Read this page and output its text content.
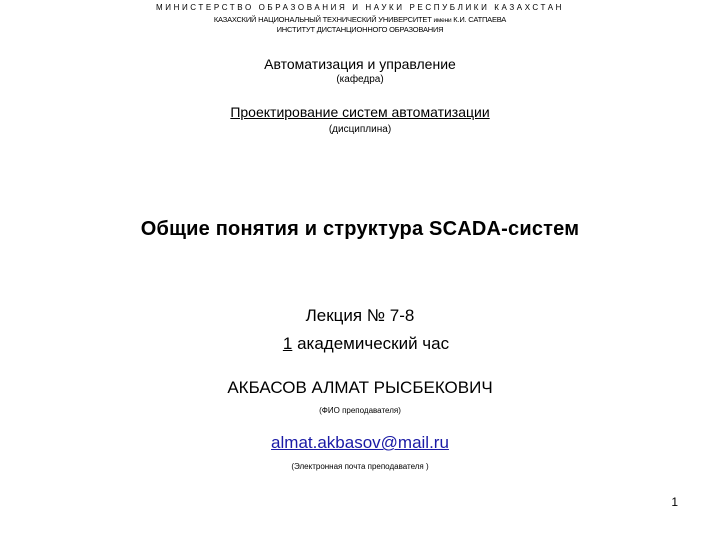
МИНИСТЕРСТВО ОБРАЗОВАНИЯ И НАУКИ РЕСПУБЛИКИ КАЗАХСТАН
КАЗАХСКИЙ НАЦИОНАЛЬНЫЙ ТЕХНИЧЕСКИЙ УНИВЕРСИТЕТ имени К.И. САТПАЕВА
ИНСТИТУТ ДИСТАНЦИОННОГО ОБРАЗОВАНИЯ
Автоматизация и управление
(кафедра)
Проектирование систем автоматизации
(дисциплина)
Общие понятия и структура SCADA-систем
Лекция № 7-8
1 академический час
АКБАСОВ АЛМАТ РЫСБЕКОВИЧ
(ФИО преподавателя)
almat.akbasov@mail.ru
(Электронная почта преподавателя )
1
